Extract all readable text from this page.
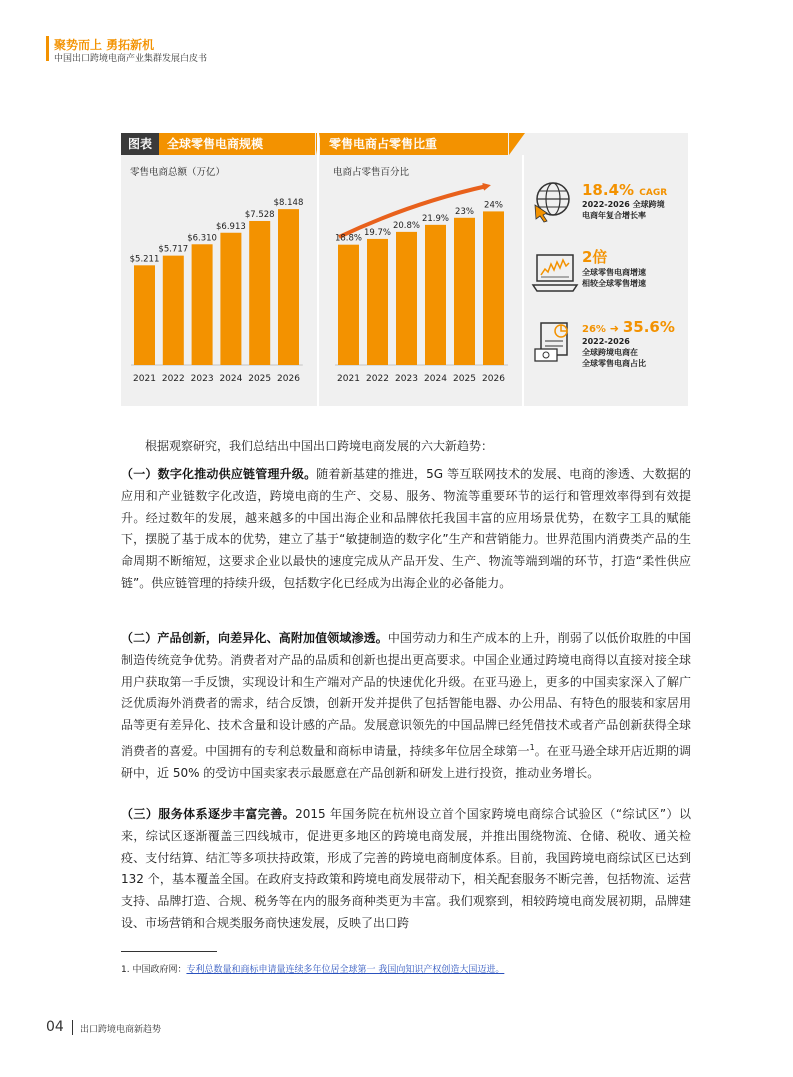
聚势而上 勇拓新机
中国出口跨境电商产业集群发展白皮书
图表	全球零售电商规模	零售电商占零售比重
零售电商总额（万亿）	电商占零售百分比
$5.211
2021
$5.717
2022
$6.310
2023
$6.913
2024
$7.528
2025
$8.148
2026
18.8%
2021
19.7%
2022
20.8%
2023
21.9%
2024
23%
2025
24%
2026
18.4% CAGR
2022-2026 全球跨境
电商年复合增长率
2倍
全球零售电商增速
相较全球零售增速
26% ➜ 35.6%
2022-2026
全球跨境电商在
全球零售电商占比
根据观察研究，我们总结出中国出口跨境电商发展的六大新趋势：
（一）数字化推动供应链管理升级。随着新基建的推进，5G 等互联网技术的发展、电商的渗透、大数据的应用和产业链数字化改造，跨境电商的生产、交易、服务、物流等重要环节的运行和管理效率得到有效提升。经过数年的发展，越来越多的中国出海企业和品牌依托我国丰富的应用场景优势，在数字工具的赋能下，摆脱了基于成本的优势，建立了基于“敏捷制造的数字化”生产和营销能力。世界范围内消费类产品的生命周期不断缩短，这要求企业以最快的速度完成从产品开发、生产、物流等端到端的环节，打造“柔性供应链”。供应链管理的持续升级，包括数字化已经成为出海企业的必备能力。
（二）产品创新，向差异化、高附加值领域渗透。中国劳动力和生产成本的上升，削弱了以低价取胜的中国制造传统竞争优势。消费者对产品的品质和创新也提出更高要求。中国企业通过跨境电商得以直接对接全球用户获取第一手反馈，实现设计和生产端对产品的快速优化升级。在亚马逊上，更多的中国卖家深入了解广泛优质海外消费者的需求，结合反馈，创新开发并提供了包括智能电器、办公用品、有特色的服装和家居用品等更有差异化、技术含量和设计感的产品。发展意识领先的中国品牌已经凭借技术或者产品创新获得全球消费者的喜爱。中国拥有的专利总数量和商标申请量，持续多年位居全球第一$^1$。在亚马逊全球开店近期的调研中，近 50% 的受访中国卖家表示最愿意在产品创新和研发上进行投资，推动业务增长。
（三）服务体系逐步丰富完善。2015 年国务院在杭州设立首个国家跨境电商综合试验区（“综试区”）以来，综试区逐渐覆盖三四线城市，促进更多地区的跨境电商发展，并推出围绕物流、仓储、税收、通关检疫、支付结算、结汇等多项扶持政策，形成了完善的跨境电商制度体系。目前，我国跨境电商综试区已达到 132 个，基本覆盖全国。在政府支持政策和跨境电商发展带动下，相关配套服务不断完善，包括物流、运营支持、品牌打造、合规、税务等在内的服务商种类更为丰富。我们观察到，相较跨境电商发展初期，品牌建设、市场营销和合规类服务商快速发展，反映了出口跨
1. 中国政府网：专利总数量和商标申请量连续多年位居全球第一 我国向知识产权创造大国迈进。
04 出口跨境电商新趋势
